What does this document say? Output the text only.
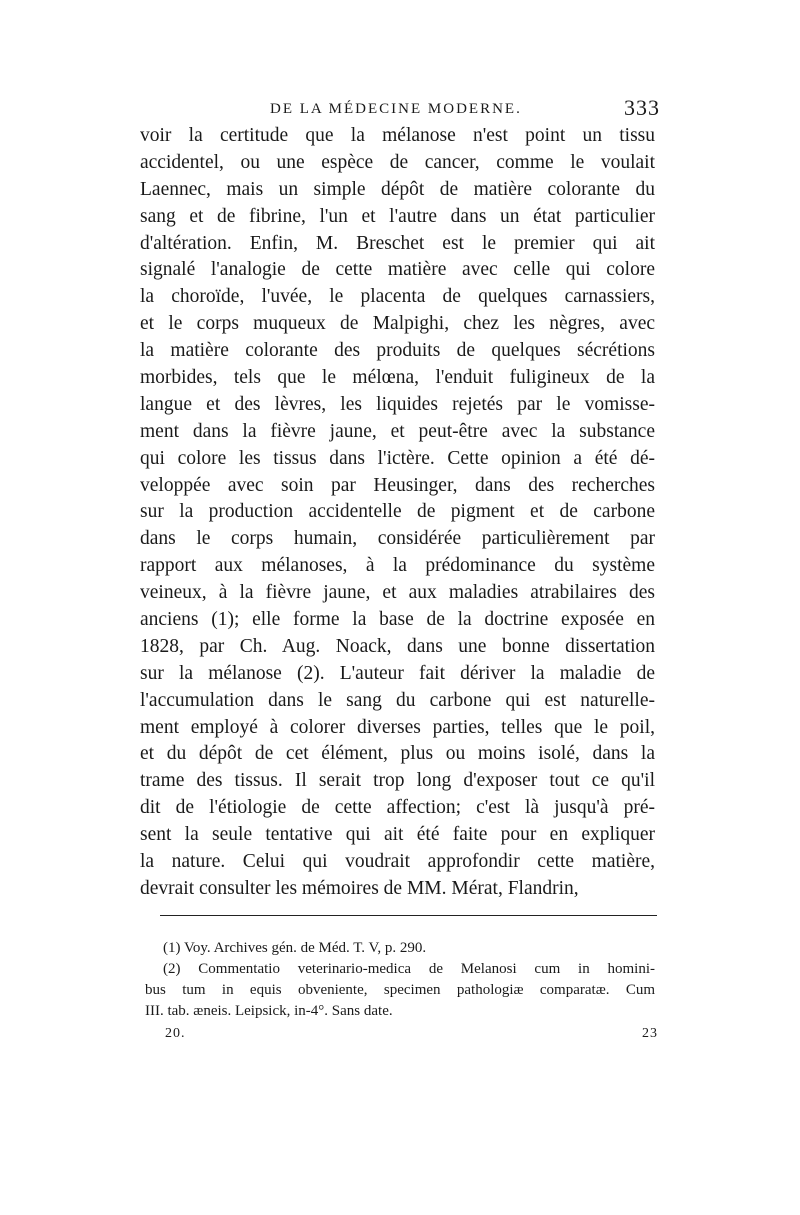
DE LA MÉDECINE MODERNE.	333
voir la certitude que la mélanose n'est point un tissu
accidentel, ou une espèce de cancer, comme le voulait
Laennec, mais un simple dépôt de matière colorante du
sang et de fibrine, l'un et l'autre dans un état particulier
d'altération. Enfin, M. Breschet est le premier qui ait
signalé l'analogie de cette matière avec celle qui colore
la choroïde, l'uvée, le placenta de quelques carnassiers,
et le corps muqueux de Malpighi, chez les nègres, avec
la matière colorante des produits de quelques sécrétions
morbides, tels que le mélœna, l'enduit fuligineux de la
langue et des lèvres, les liquides rejetés par le vomisse-
ment dans la fièvre jaune, et peut-être avec la substance
qui colore les tissus dans l'ictère. Cette opinion a été dé-
veloppée avec soin par Heusinger, dans des recherches
sur la production accidentelle de pigment et de carbone
dans le corps humain, considérée particulièrement par
rapport aux mélanoses, à la prédominance du système
veineux, à la fièvre jaune, et aux maladies atrabilaires des
anciens (1); elle forme la base de la doctrine exposée en
1828, par Ch. Aug. Noack, dans une bonne dissertation
sur la mélanose (2). L'auteur fait dériver la maladie de
l'accumulation dans le sang du carbone qui est naturelle-
ment employé à colorer diverses parties, telles que le poil,
et du dépôt de cet élément, plus ou moins isolé, dans la
trame des tissus. Il serait trop long d'exposer tout ce qu'il
dit de l'étiologie de cette affection; c'est là jusqu'à pré-
sent la seule tentative qui ait été faite pour en expliquer
la nature. Celui qui voudrait approfondir cette matière,
devrait consulter les mémoires de MM. Mérat, Flandrin,
(1) Voy. Archives gén. de Méd. T. V, p. 290.
(2) Commentatio veterinario-medica de Melanosi cum in homini-
bus tum in equis obveniente, specimen pathologiæ comparatæ. Cum
III. tab. æneis. Leipsick, in-4°. Sans date.
20.	23
